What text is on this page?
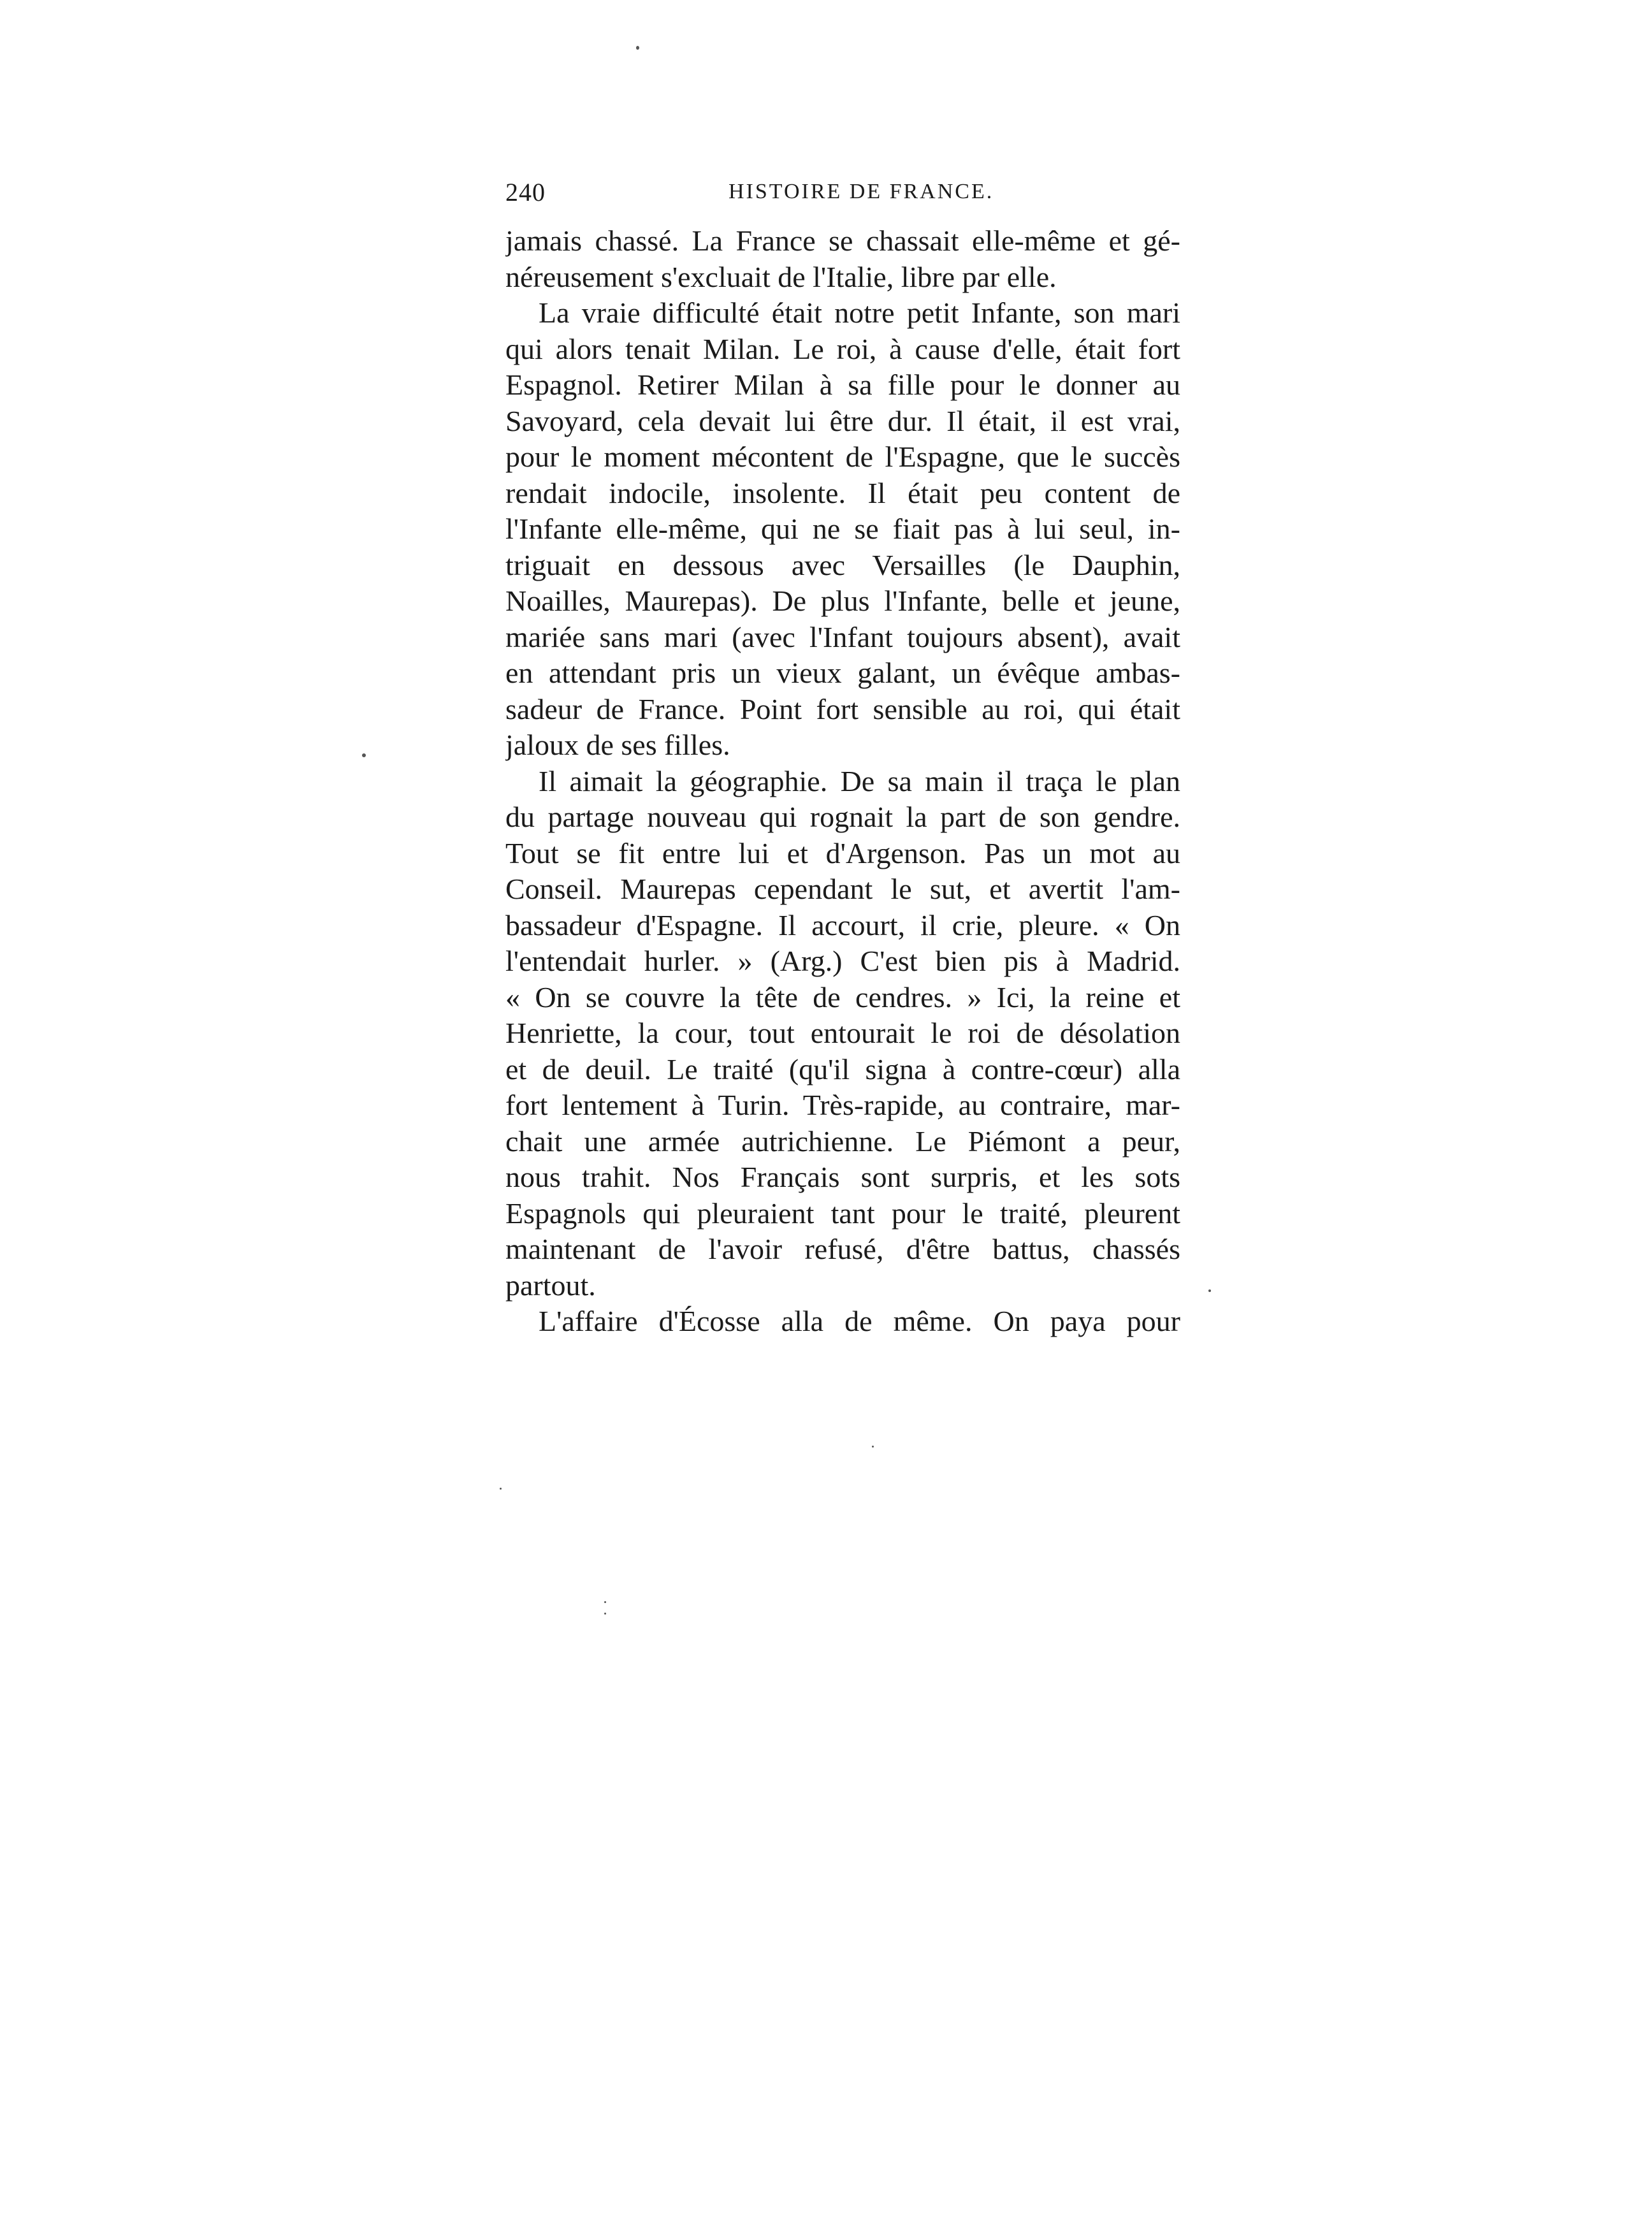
240	HISTOIRE DE FRANCE.
jamais chassé. La France se chassait elle-même et gé-
néreusement s'excluait de l'Italie, libre par elle.
La vraie difficulté était notre petit Infante, son mari
qui alors tenait Milan. Le roi, à cause d'elle, était fort
Espagnol. Retirer Milan à sa fille pour le donner au
Savoyard, cela devait lui être dur. Il était, il est vrai,
pour le moment mécontent de l'Espagne, que le succès
rendait indocile, insolente. Il était peu content de
l'Infante elle-même, qui ne se fiait pas à lui seul, in-
triguait en dessous avec Versailles (le Dauphin,
Noailles, Maurepas). De plus l'Infante, belle et jeune,
mariée sans mari (avec l'Infant toujours absent), avait
en attendant pris un vieux galant, un évêque ambas-
sadeur de France. Point fort sensible au roi, qui était
jaloux de ses filles.
Il aimait la géographie. De sa main il traça le plan
du partage nouveau qui rognait la part de son gendre.
Tout se fit entre lui et d'Argenson. Pas un mot au
Conseil. Maurepas cependant le sut, et avertit l'am-
bassadeur d'Espagne. Il accourt, il crie, pleure. « On
l'entendait hurler. » (Arg.) C'est bien pis à Madrid.
« On se couvre la tête de cendres. » Ici, la reine et
Henriette, la cour, tout entourait le roi de désolation
et de deuil. Le traité (qu'il signa à contre-cœur) alla
fort lentement à Turin. Très-rapide, au contraire, mar-
chait une armée autrichienne. Le Piémont a peur,
nous trahit. Nos Français sont surpris, et les sots
Espagnols qui pleuraient tant pour le traité, pleurent
maintenant de l'avoir refusé, d'être battus, chassés
partout.
L'affaire d'Écosse alla de même. On paya pour
